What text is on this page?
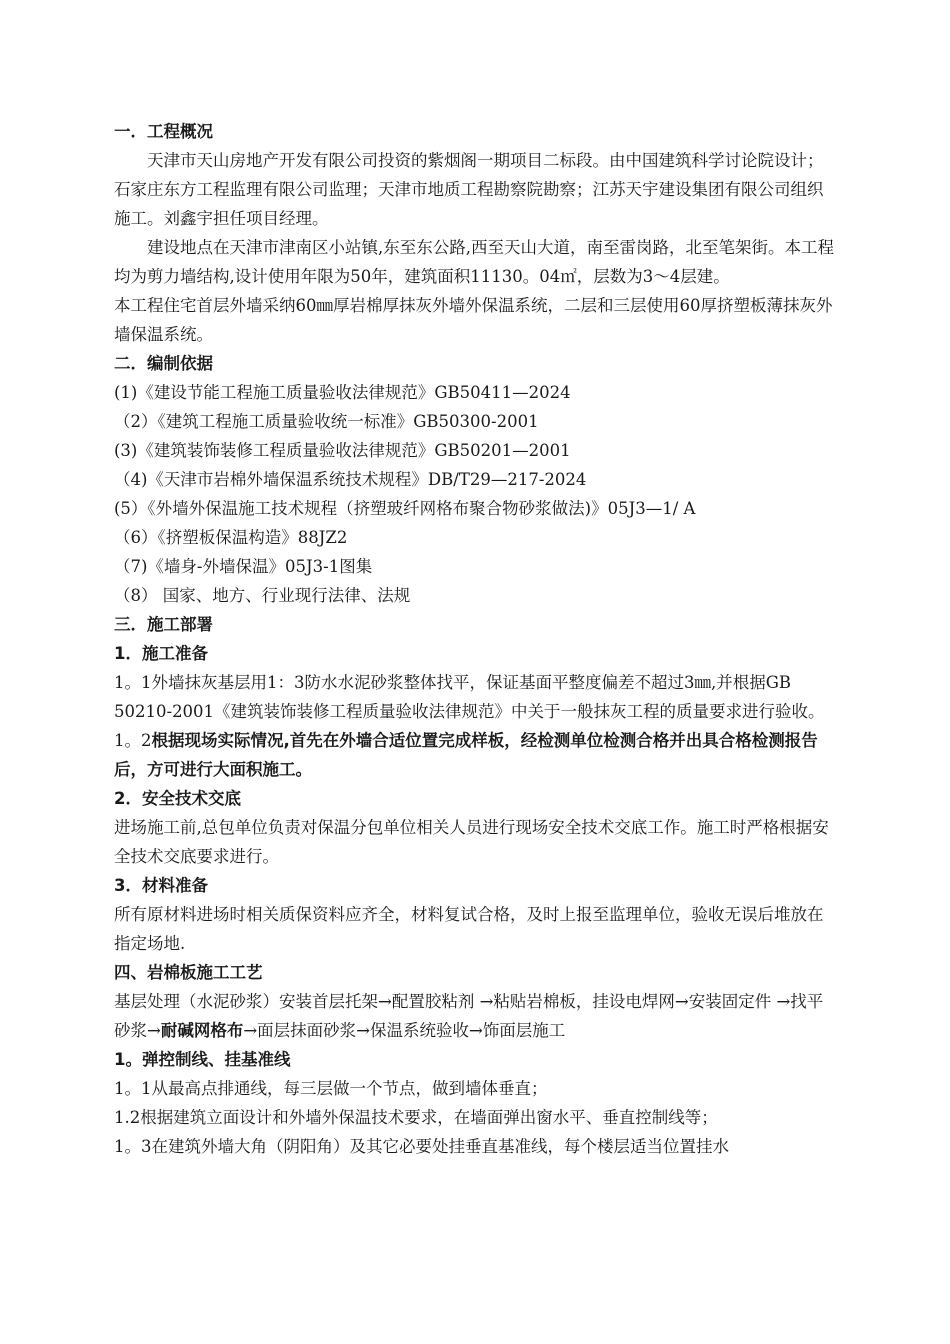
一．工程概况

天津市天山房地产开发有限公司投资的紫烟阁一期项目二标段。由中国建筑科学讨论院设计；石家庄东方工程监理有限公司监理；天津市地质工程勘察院勘察；江苏天宇建设集团有限公司组织施工。刘鑫宇担任项目经理。

建设地点在天津市津南区小站镇,东至东公路,西至天山大道，南至雷岗路，北至笔架街。本工程均为剪力墙结构,设计使用年限为50年，建筑面积11130。04㎡，层数为3～4层建。

本工程住宅首层外墙采纳60㎜厚岩棉厚抹灰外墙外保温系统，二层和三层使用60厚挤塑板薄抹灰外墙保温系统。

二．编制依据

(1)《建设节能工程施工质量验收法律规范》GB50411—2024

（2）《建筑工程施工质量验收统一标准》GB50300-2001

(3)《建筑装饰装修工程质量验收法律规范》GB50201—2001

（4)《天津市岩棉外墙保温系统技术规程》DB/T29—217-2024

(5）《外墙外保温施工技术规程（挤塑玻纤网格布聚合物砂浆做法)》05J3—1/ A

（6）《挤塑板保温构造》88JZ2

（7)《墙身-外墙保温》05J3-1图集

（8） 国家、地方、行业现行法律、法规

三．施工部署

1．施工准备

1。1外墙抹灰基层用1：3防水水泥砂浆整体找平，保证基面平整度偏差不超过3㎜,并根据GB 50210-2001《建筑装饰装修工程质量验收法律规范》中关于一般抹灰工程的质量要求进行验收。

1。2根据现场实际情况,首先在外墙合适位置完成样板，经检测单位检测合格并出具合格检测报告后，方可进行大面积施工。

2．安全技术交底

进场施工前,总包单位负责对保温分包单位相关人员进行现场安全技术交底工作。施工时严格根据安全技术交底要求进行。

3．材料准备

所有原材料进场时相关质保资料应齐全，材料复试合格，及时上报至监理单位，验收无误后堆放在指定场地.

四、岩棉板施工工艺

基层处理（水泥砂浆）安装首层托架→配置胶粘剂 →粘贴岩棉板，挂设电焊网→安装固定件 →找平砂浆→耐碱网格布→面层抹面砂浆→保温系统验收→饰面层施工

1。弹控制线、挂基准线

1。1从最高点排通线，每三层做一个节点，做到墙体垂直；

1.2根据建筑立面设计和外墙外保温技术要求，在墙面弹出窗水平、垂直控制线等；

1。3在建筑外墙大角（阴阳角）及其它必要处挂垂直基准线，每个楼层适当位置挂水
